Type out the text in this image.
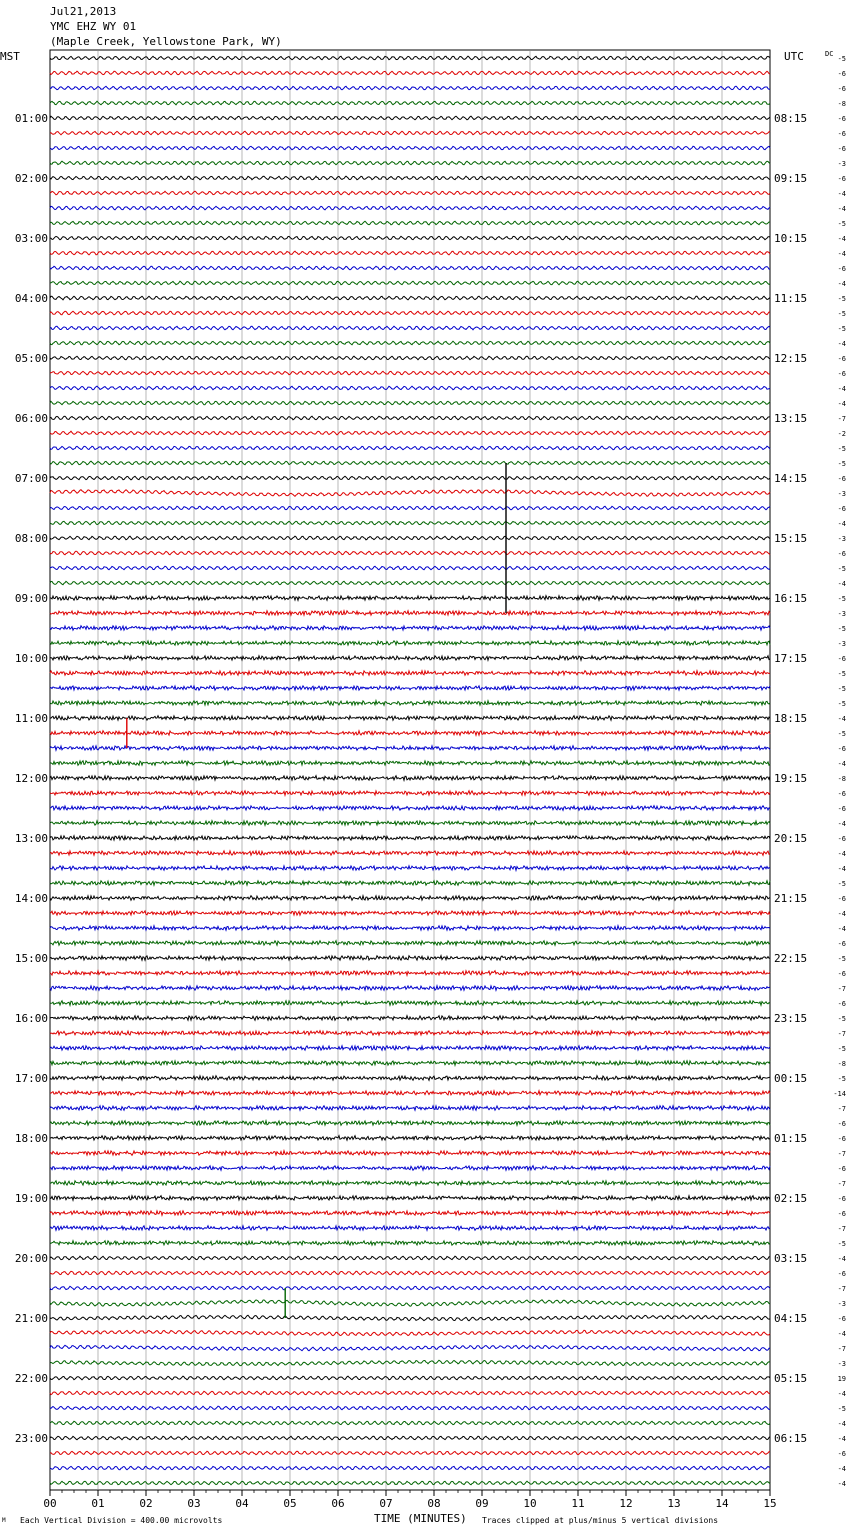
Jul21,2013
YMC EHZ WY 01
(Maple Creek, Yellowstone Park, WY)
MST	UTC	DC
00	01	02	03	04	05	06	07	08	09	10	11	12	13	14	15
01:00
02:00
03:00
04:00
05:00
06:00
07:00
08:00
09:00
10:00
11:00
12:00
13:00
14:00
15:00
16:00
17:00
18:00
19:00
20:00
21:00
22:00
23:00
08:15
09:15
10:15
11:15
12:15
13:15
14:15
15:15
16:15
17:15
18:15
19:15
20:15
21:15
22:15
23:15
00:15
01:15
02:15
03:15
04:15
05:15
06:15
-5
-6
-6
-8
-6
-6
-6
-3
-6
-4
-4
-5
-4
-4
-6
-4
-5
-5
-5
-4
-6
-6
-4
-4
-7
-2
-5
-5
-6
-3
-6
-4
-3
-6
-5
-4
-5
-3
-5
-3
-6
-5
-5
-5
-4
-5
-6
-4
-8
-6
-6
-4
-6
-4
-4
-5
-6
-4
-4
-6
-5
-6
-7
-6
-5
-7
-5
-8
-5
-14
-7
-6
-6
-7
-6
-7
-6
-6
-7
-5
-4
-6
-7
-3
-6
-4
-7
-3
19
-4
-5
-4
-4
-6
-4
-4
M Each Vertical Division = 400.00 microvolts	TIME (MINUTES) Traces clipped at plus/minus 5 vertical divisions
